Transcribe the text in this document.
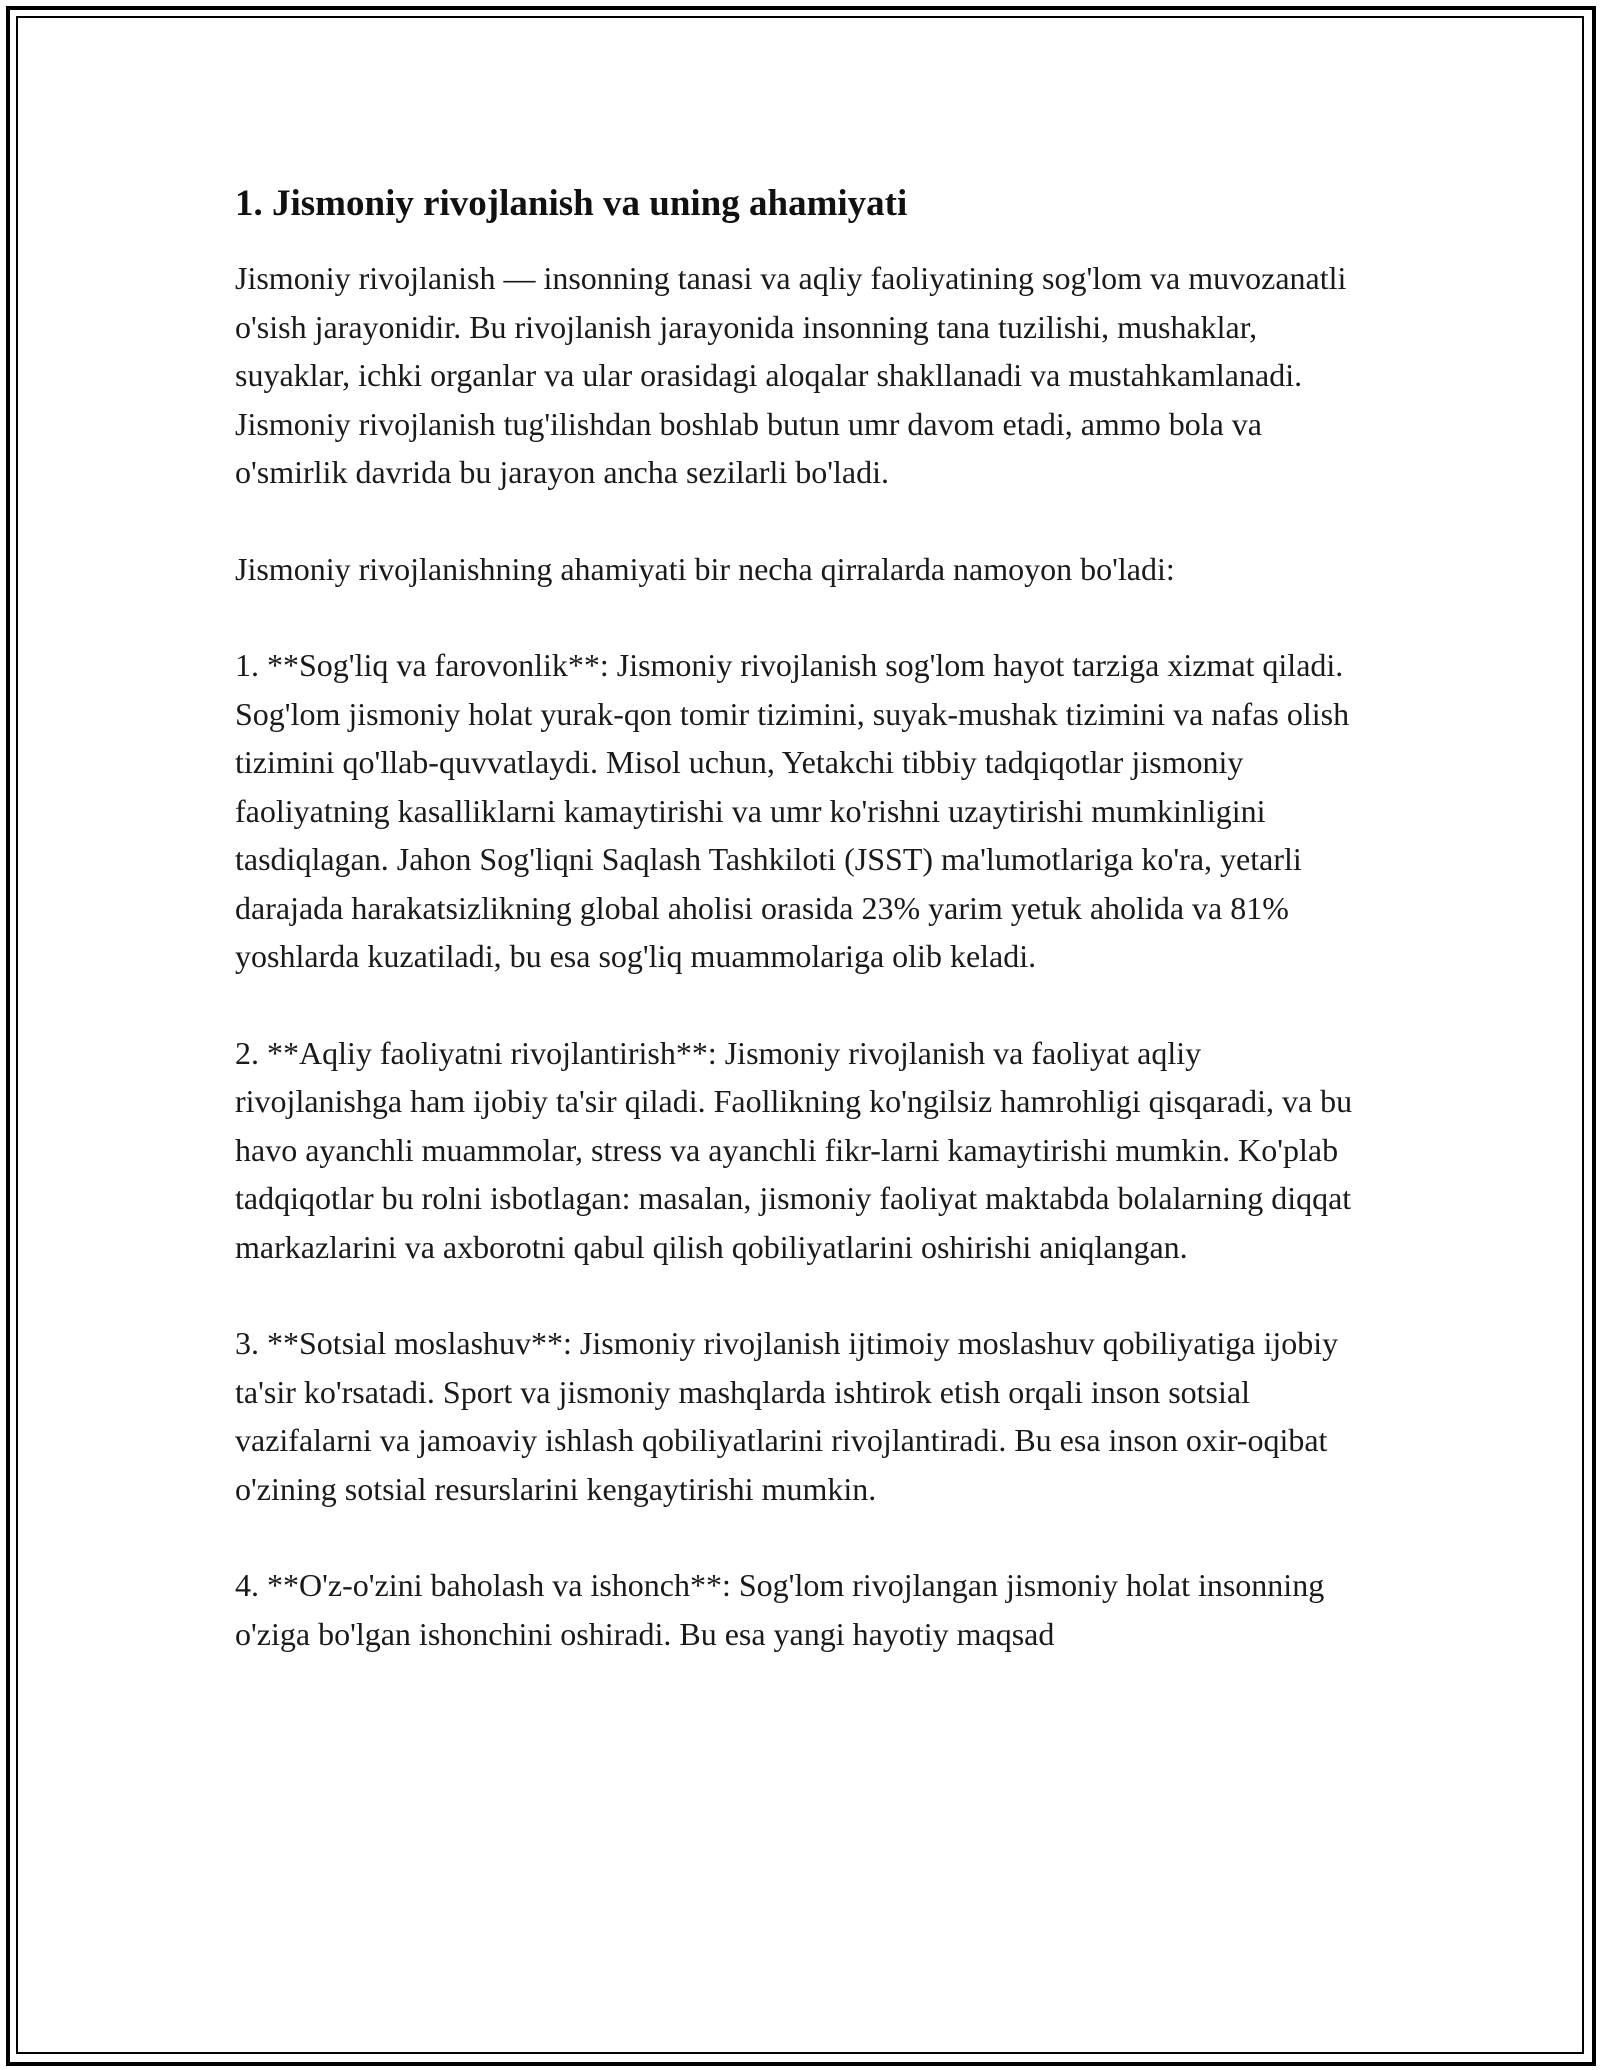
1. Jismoniy rivojlanish va uning ahamiyati

Jismoniy rivojlanish — insonning tanasi va aqliy faoliyatining sog'lom va muvozanatli o'sish jarayonidir. Bu rivojlanish jarayonida insonning tana tuzilishi, mushaklar, suyaklar, ichki organlar va ular orasidagi aloqalar shakllanadi va mustahkamlanadi. Jismoniy rivojlanish tug'ilishdan boshlab butun umr davom etadi, ammo bola va o'smirlik davrida bu jarayon ancha sezilarli bo'ladi.

Jismoniy rivojlanishning ahamiyati bir necha qirralarda namoyon bo'ladi:

1. **Sog'liq va farovonlik**: Jismoniy rivojlanish sog'lom hayot tarziga xizmat qiladi. Sog'lom jismoniy holat yurak-qon tomir tizimini, suyak-mushak tizimini va nafas olish tizimini qo'llab-quvvatlaydi. Misol uchun, Yetakchi tibbiy tadqiqotlar jismoniy faoliyatning kasalliklarni kamaytirishi va umr ko'rishni uzaytirishi mumkinligini tasdiqlagan. Jahon Sog'liqni Saqlash Tashkiloti (JSST) ma'lumotlariga ko'ra, yetarli darajada harakatsizlikning global aholisi orasida 23% yarim yetuk aholida va 81% yoshlarda kuzatiladi, bu esa sog'liq muammolariga olib keladi.

2. **Aqliy faoliyatni rivojlantirish**: Jismoniy rivojlanish va faoliyat aqliy rivojlanishga ham ijobiy ta'sir qiladi. Faollikning ko'ngilsiz hamrohligi qisqaradi, va bu havo ayanchli muammolar, stress va ayanchli fikr-larni kamaytirishi mumkin. Ko'plab tadqiqotlar bu rolni isbotlagan: masalan, jismoniy faoliyat maktabda bolalarning diqqat markazlarini va axborotni qabul qilish qobiliyatlarini oshirishi aniqlangan.

3. **Sotsial moslashuv**: Jismoniy rivojlanish ijtimoiy moslashuv qobiliyatiga ijobiy ta'sir ko'rsatadi. Sport va jismoniy mashqlarda ishtirok etish orqali inson sotsial vazifalarni va jamoaviy ishlash qobiliyatlarini rivojlantiradi. Bu esa inson oxir-oqibat o'zining sotsial resurslarini kengaytirishi mumkin.

4. **O'z-o'zini baholash va ishonch**: Sog'lom rivojlangan jismoniy holat insonning o'ziga bo'lgan ishonchini oshiradi. Bu esa yangi hayotiy maqsad
